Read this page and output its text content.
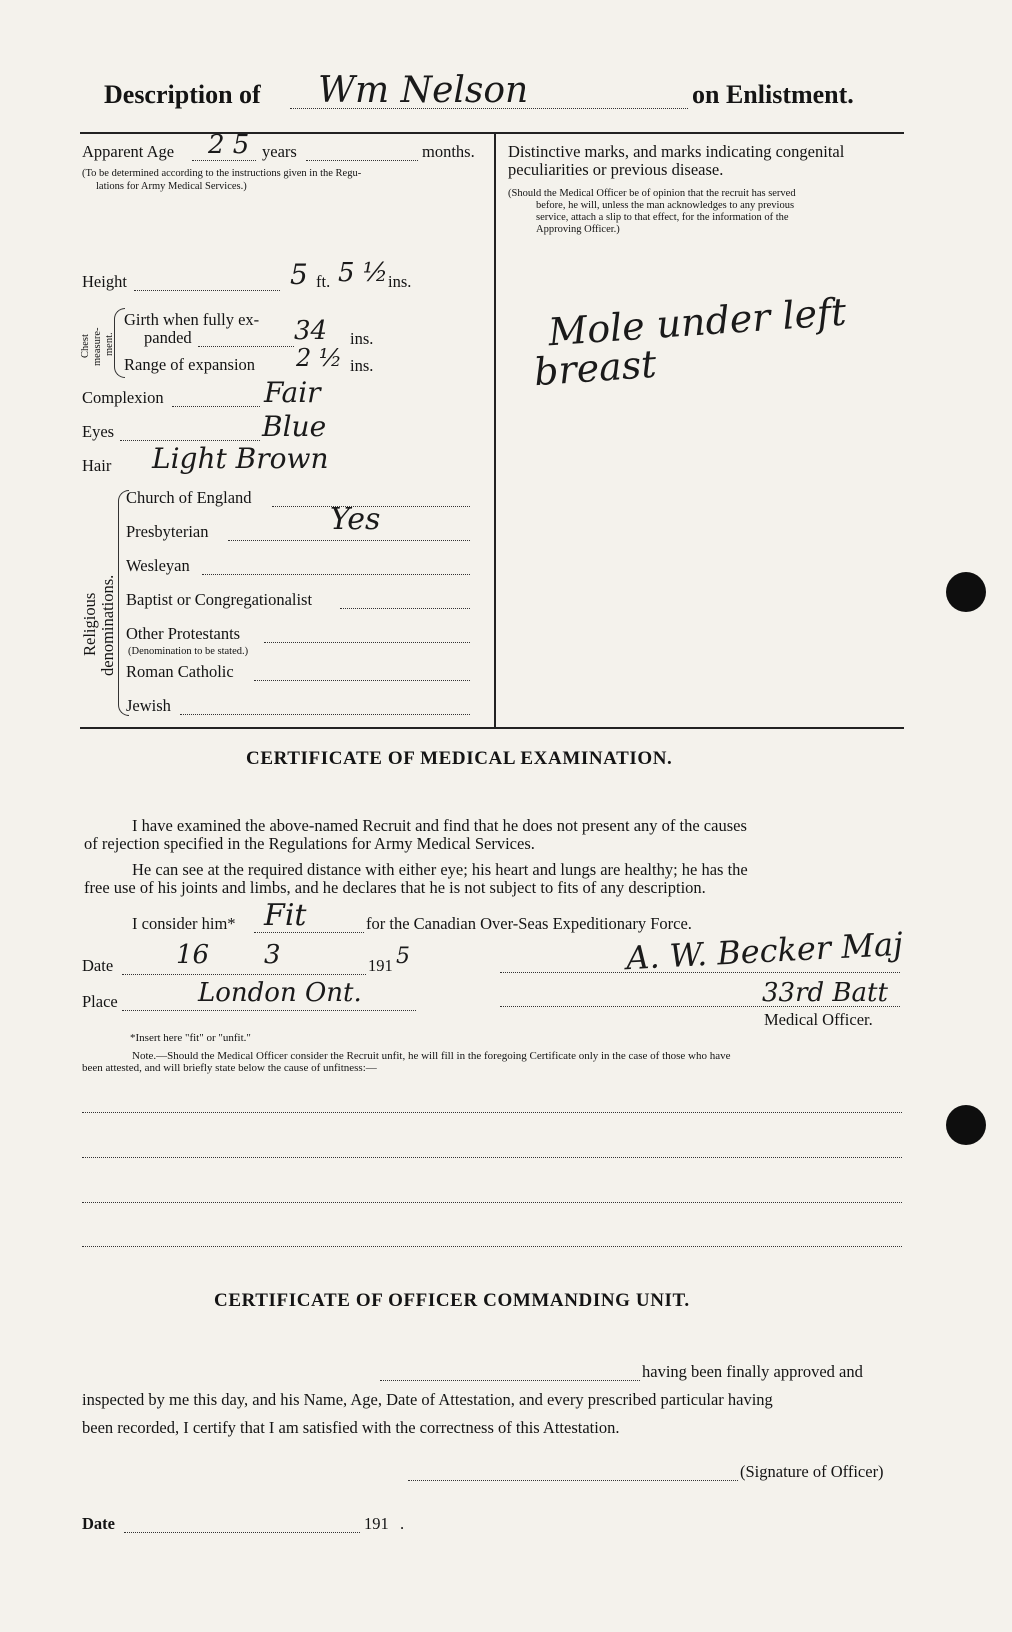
Description of Wm Nelson	on Enlistment.
Apparent Age 2 5 years	months.
(To be determined according to the instructions given in the Regu-
lations for Army Medical Services.)
Height	5 ft. 5 ½ ins.
Chest measure- ment.
Girth when fully ex-
panded	34 ins.
Range of expansion 2 ½ ins.
Complexion	Fair
Eyes	Blue
Hair Light Brown
Religious denominations.
Church of England
Presbyterian	Yes
Wesleyan
Baptist or Congregationalist
Other Protestants
(Denomination to be stated.)
Roman Catholic
Jewish
Distinctive marks, and marks indicating congenital
peculiarities or previous disease.
(Should the Medical Officer be of opinion that the recruit has served
before, he will, unless the man acknowledges to any previous
service, attach a slip to that effect, for the information of the
Approving Officer.)
Mole under left
breast
CERTIFICATE OF MEDICAL EXAMINATION.
I have examined the above-named Recruit and find that he does not present any of the causes
of rejection specified in the Regulations for Army Medical Services.
He can see at the required distance with either eye; his heart and lungs are healthy; he has the
free use of his joints and limbs, and he declares that he is not subject to fits of any description.
I consider him* Fit	for the Canadian Over-Seas Expeditionary Force.
Date 16 3	191 5	A. W. Becker Maj
Place	London Ont.	33rd Batt
Medical Officer.
*Insert here "fit" or "unfit."
Note.—Should the Medical Officer consider the Recruit unfit, he will fill in the foregoing Certificate only in the case of those who have
been attested, and will briefly state below the cause of unfitness:—
CERTIFICATE OF OFFICER COMMANDING UNIT.
having been finally approved and
inspected by me this day, and his Name, Age, Date of Attestation, and every prescribed particular having
been recorded, I certify that I am satisfied with the correctness of this Attestation.
(Signature of Officer)
Date	191 .
